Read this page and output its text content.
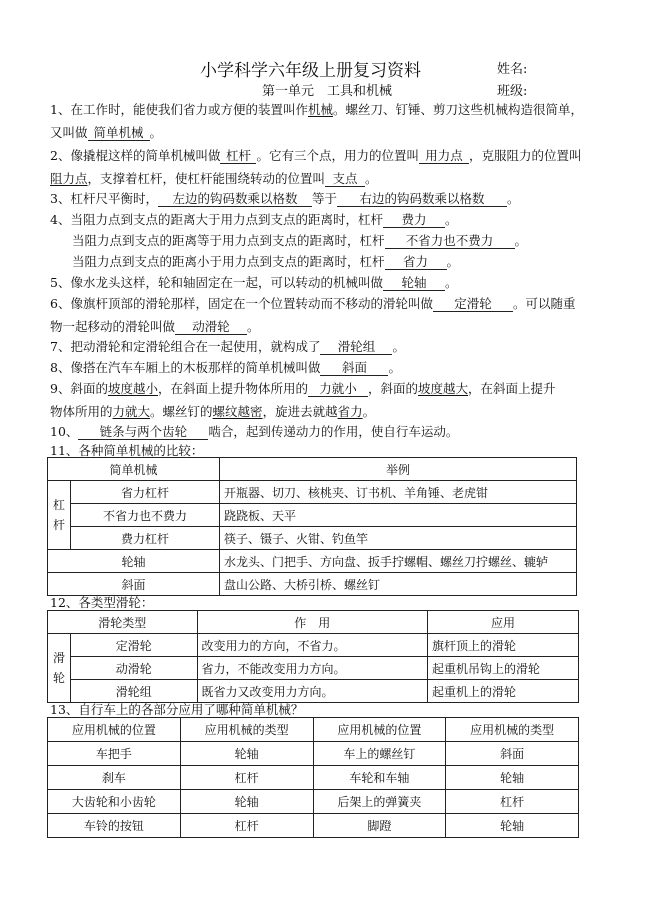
小学科学六年级上册复习资料	姓名:
第一单元　工具和机械	班级:
1、在工作时，能使我们省力或方便的装置叫作机械。螺丝刀、钉锤、剪刀这些机械构造很简单，
又叫做 简单机械 。
2、像撬棍这样的简单机械叫做 杠杆 。它有三个点，用力的位置叫 用力点 ，克服阻力的位置叫
阻力点，支撑着杠杆，使杠杆能围绕转动的位置叫 支点 。
3、杠杆尺平衡时， 左边的钩码数乘以格数 等于 右边的钩码数乘以格数 。
4、当阻力点到支点的距离大于用力点到支点的距离时，杠杆 费力 。
当阻力点到支点的距离等于用力点到支点的距离时，杠杆 不省力也不费力 。
当阻力点到支点的距离小于用力点到支点的距离时，杠杆 省力 。
5、像水龙头这样，轮和轴固定在一起，可以转动的机械叫做 轮轴 。
6、像旗杆顶部的滑轮那样，固定在一个位置转动而不移动的滑轮叫做 定滑轮 。可以随重
物一起移动的滑轮叫做 动滑轮 。
7、把动滑轮和定滑轮组合在一起使用，就构成了 滑轮组 。
8、像搭在汽车车厢上的木板那样的简单机械叫做 斜面 。
9、斜面的坡度越小，在斜面上提升物体所用的 力就小 ，斜面的坡度越大，在斜面上提升
物体所用的力就大。螺丝钉的螺纹越密，旋进去就越省力。
10、 链条与两个齿轮 啮合，起到传递动力的作用，使自行车运动。
11、各种简单机械的比较：
简单机械		举例
杠杆	省力杠杆	开瓶器、切刀、核桃夹、订书机、羊角锤、老虎钳
	不省力也不费力	跷跷板、天平
	费力杠杆	筷子、镊子、火钳、钓鱼竿
轮轴		水龙头、门把手、方向盘、扳手拧螺帽、螺丝刀拧螺丝、辘轳
斜面		盘山公路、大桥引桥、螺丝钉
12、各类型滑轮：
滑轮类型		作　用	应用
滑轮	定滑轮	改变用力的方向，不省力。	旗杆顶上的滑轮
	动滑轮	省力，不能改变用力方向。	起重机吊钩上的滑轮
	滑轮组	既省力又改变用力方向。	起重机上的滑轮
13、自行车上的各部分应用了哪种简单机械？
应用机械的位置	应用机械的类型	应用机械的位置	应用机械的类型
车把手	轮轴	车上的螺丝钉	斜面
刹车	杠杆	车轮和车轴	轮轴
大齿轮和小齿轮	轮轴	后架上的弹簧夹	杠杆
车铃的按钮	杠杆	脚蹬	轮轴
